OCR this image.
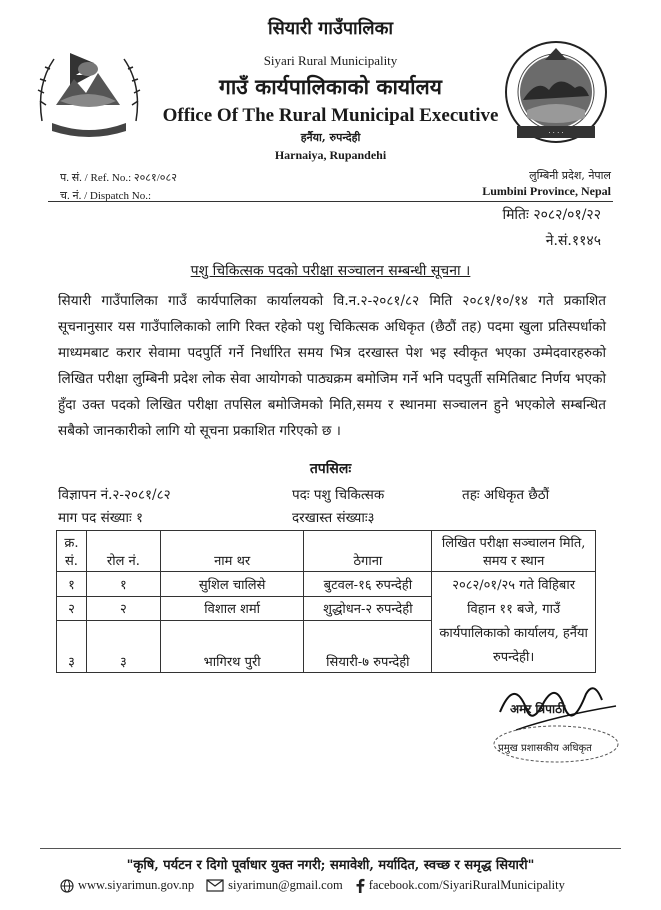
· · · ·
सियारी गाउँपालिका
Siyari Rural Municipality
गाउँ कार्यपालिकाको कार्यालय
Office Of The Rural Municipal Executive
हर्नैया, रुपन्देही
Harnaiya, Rupandehi
प. सं. / Ref. No.: २०८१/०८२
च. नं. / Dispatch No.:
लुम्बिनी प्रदेश, नेपाल
Lumbini Province, Nepal
मितिः २०८२/०१/२२
ने.सं.११४५
पशु चिकित्सक पदको परीक्षा सञ्चालन सम्बन्धी सूचना ।
सियारी गाउँपालिका गाउँ कार्यपालिका कार्यालयको वि.न.२-२०८१/८२ मिति २०८१/१०/१४ गते प्रकाशित सूचनानुसार यस गाउँपालिकाको लागि रिक्त रहेको पशु चिकित्सक अधिकृत (छैठौं तह) पदमा खुला प्रतिस्पर्धाको माध्यमबाट करार सेवामा पदपुर्ति गर्ने निर्धारित समय भित्र दरखास्त पेश भइ स्वीकृत भएका उम्मेदवारहरुको लिखित परीक्षा लुम्बिनी प्रदेश लोक सेवा आयोगको पाठ्यक्रम बमोजिम गर्ने भनि पदपुर्ती समितिबाट निर्णय भएको हुँदा उक्त पदको लिखित परीक्षा तपसिल बमोजिमको मिति,समय र स्थानमा सञ्चालन हुने भएकोले सम्बन्धित सबैको जानकारीको लागि यो सूचना प्रकाशित गरिएको छ ।
तपसिलः
विज्ञापन नं.२-२०८१/८२	पदः पशु चिकित्सक	तहः अधिकृत छैठौं
माग पद संख्याः १	दरखास्त संख्याः३
क्र. सं.	रोल नं.	नाम थर	ठेगाना	लिखित परीक्षा सञ्चालन मिति, समय र स्थान
१	१	सुशिल चालिसे	बुटवल-१६ रुपन्देही	२०८२/०१/२५ गते विहिबार विहान ११ बजे, गाउँ कार्यपालिकाको कार्यालय, हर्नैया रुपन्देही।
२	२	विशाल शर्मा	शुद्धोधन-२ रुपन्देही	
३	३	भागिरथ पुरी	सियारी-७ रुपन्देही	
अमर त्रिपाठी
प्रमुख प्रशासकीय अधिकृत
"कृषि, पर्यटन र दिगो पूर्वाधार युक्त नगरी; समावेशी, मर्यादित, स्वच्छ र समृद्ध सियारी"
www.siyarimun.gov.np	siyarimun@gmail.com facebook.com/SiyariRuralMunicipality
